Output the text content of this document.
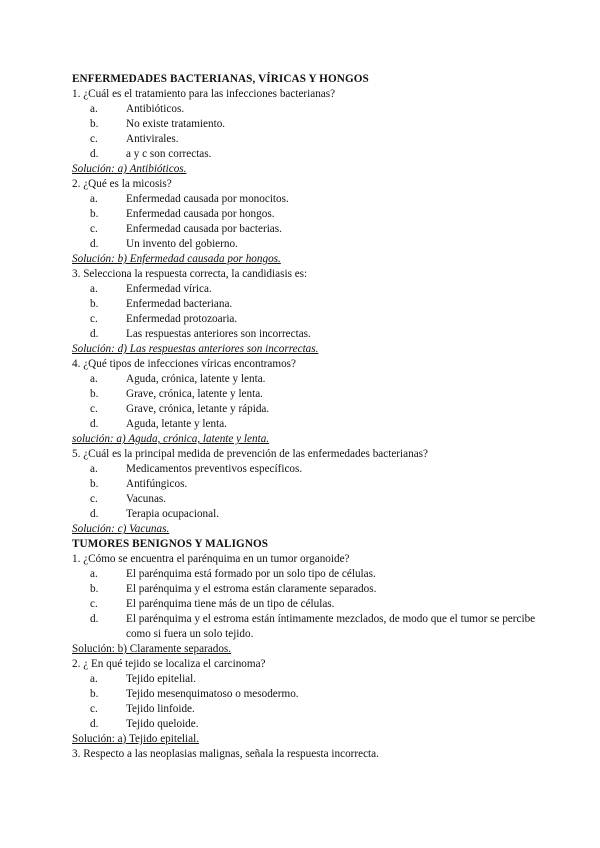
ENFERMEDADES BACTERIANAS, VÍRICAS Y HONGOS
1. ¿Cuál es el tratamiento para las infecciones bacterianas?
a.	Antibióticos.
b.	No existe tratamiento.
c.	Antivirales.
d.	a y c son correctas.
Solución: a) Antibióticos.
2. ¿Qué es la micosis?
a.	Enfermedad causada por monocitos.
b.	Enfermedad causada por hongos.
c.	Enfermedad causada por bacterias.
d.	Un invento del gobierno.
Solución: b) Enfermedad causada por hongos.
3. Selecciona la respuesta correcta, la candidiasis es:
a.	Enfermedad vírica.
b.	Enfermedad bacteriana.
c.	Enfermedad protozoaria.
d.	Las respuestas anteriores son incorrectas.
Solución: d) Las respuestas anteriores son incorrectas.
4. ¿Qué tipos de infecciones víricas encontramos?
a.	Aguda, crónica, latente y lenta.
b.	Grave, crónica, latente y lenta.
c.	Grave, crónica, letante y rápida.
d.	Aguda, letante y lenta.
solución: a) Aguda, crónica, latente y lenta.
5. ¿Cuál es la principal medida de prevención de las enfermedades bacterianas?
a.	Medicamentos preventivos específicos.
b.	Antifúngicos.
c.	Vacunas.
d.	Terapia ocupacional.
Solución: c) Vacunas.
TUMORES BENIGNOS Y MALIGNOS
1. ¿Cómo se encuentra el parénquima en un tumor organoide?
a.	El parénquima está formado por un solo tipo de células.
b.	El parénquima y el estroma están claramente separados.
c.	El parénquima tiene más de un tipo de células.
d.	El parénquima y el estroma están íntimamente mezclados, de modo que el tumor se percibe como si fuera un solo tejido.
Solución: b) Claramente separados.
2. ¿ En qué tejido se localiza el carcinoma?
a.	Tejido epitelial.
b.	Tejido mesenquimatoso o mesodermo.
c.	Tejido linfoide.
d.	Tejido queloide.
Solución: a) Tejido epitelial.
3. Respecto a las neoplasias malignas, señala la respuesta incorrecta.
